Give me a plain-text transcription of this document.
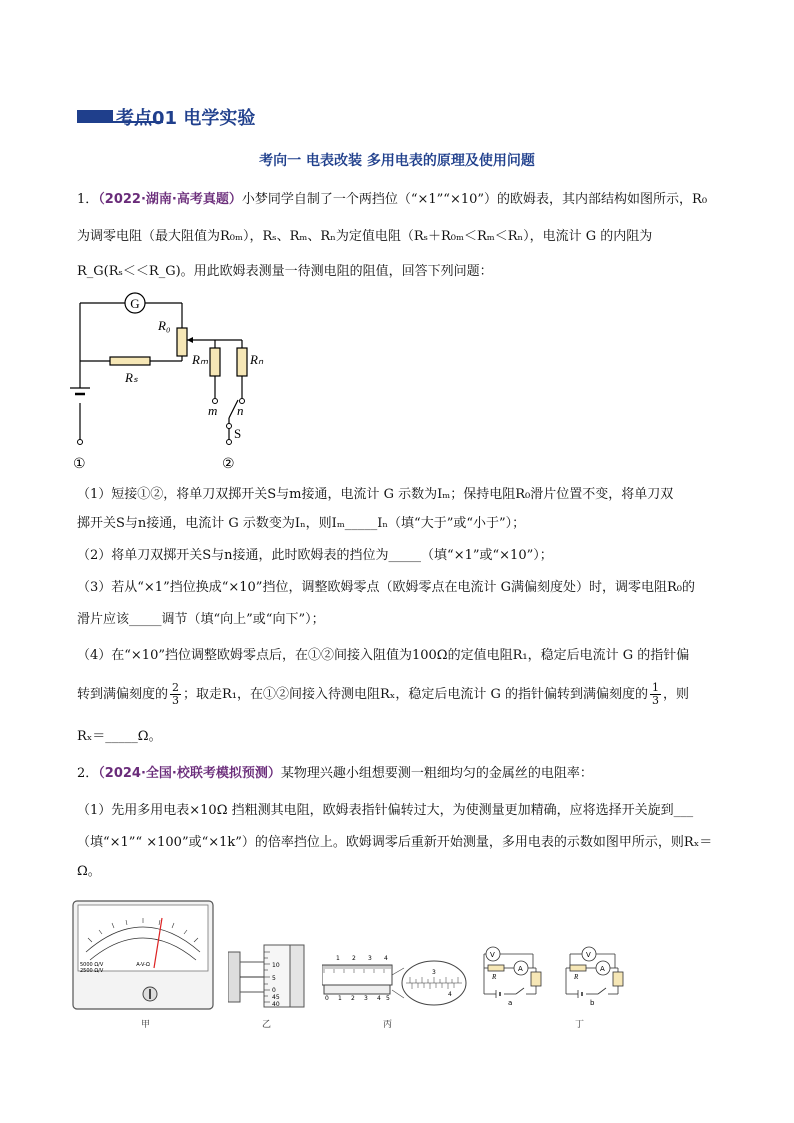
考点01 电学实验
考向一 电表改装 多用电表的原理及使用问题
1．（2022·湖南·高考真题）小梦同学自制了一个两挡位（“×1”“×10”）的欧姆表，其内部结构如图所示，R₀
为调零电阻（最大阻值为R₀ₘ），Rₛ、Rₘ、Rₙ为定值电阻（Rₛ＋R₀ₘ＜Rₘ＜Rₙ），电流计 G 的内阻为
R_G(Rₛ＜＜R_G)。用此欧姆表测量一待测电阻的阻值，回答下列问题：
G
R₀
Rₛ
Rₘ	Rₙ
m n
S
①	②
（1）短接①②，将单刀双掷开关S与m接通，电流计 G 示数为Iₘ；保持电阻R₀滑片位置不变，将单刀双
掷开关S与n接通，电流计 G 示数变为Iₙ，则Iₘ_____Iₙ（填“大于”或“小于”）；
（2）将单刀双掷开关S与n接通，此时欧姆表的挡位为_____（填“×1”或“×10”）；
（3）若从“×1”挡位换成“×10”挡位，调整欧姆零点（欧姆零点在电流计 G满偏刻度处）时，调零电阻R₀的
滑片应该_____调节（填“向上”或“向下”）；
（4）在“×10”挡位调整欧姆零点后，在①②间接入阻值为100Ω的定值电阻R₁，稳定后电流计 G 的指针偏
转到满偏刻度的 $\frac{2}{3}$ ；取走R₁，在①②间接入待测电阻Rₓ，稳定后电流计 G 的指针偏转到满偏刻度的 $\frac{1}{3}$ ，则
Rₓ＝_____Ω。
2．（2024·全国·校联考模拟预测）某物理兴趣小组想要测一粗细均匀的金属丝的电阻率：
（1）先用多用电表×10Ω 挡粗测其电阻，欧姆表指针偏转过大，为使测量更加精确，应将选择开关旋到___
（填“×1”“ ×100”或“×1k”）的倍率挡位上。欧姆调零后重新开始测量，多用电表的示数如图甲所示，则Rₓ＝
Ω。
5000 Ω/V
2500 Ω/V
A-V-Ω	10
5
0
45
40
0 1 2 3 4 5
1 2 3 4
3
4
V
A
R
a
V
A
R
b
甲	乙	丙	丁
